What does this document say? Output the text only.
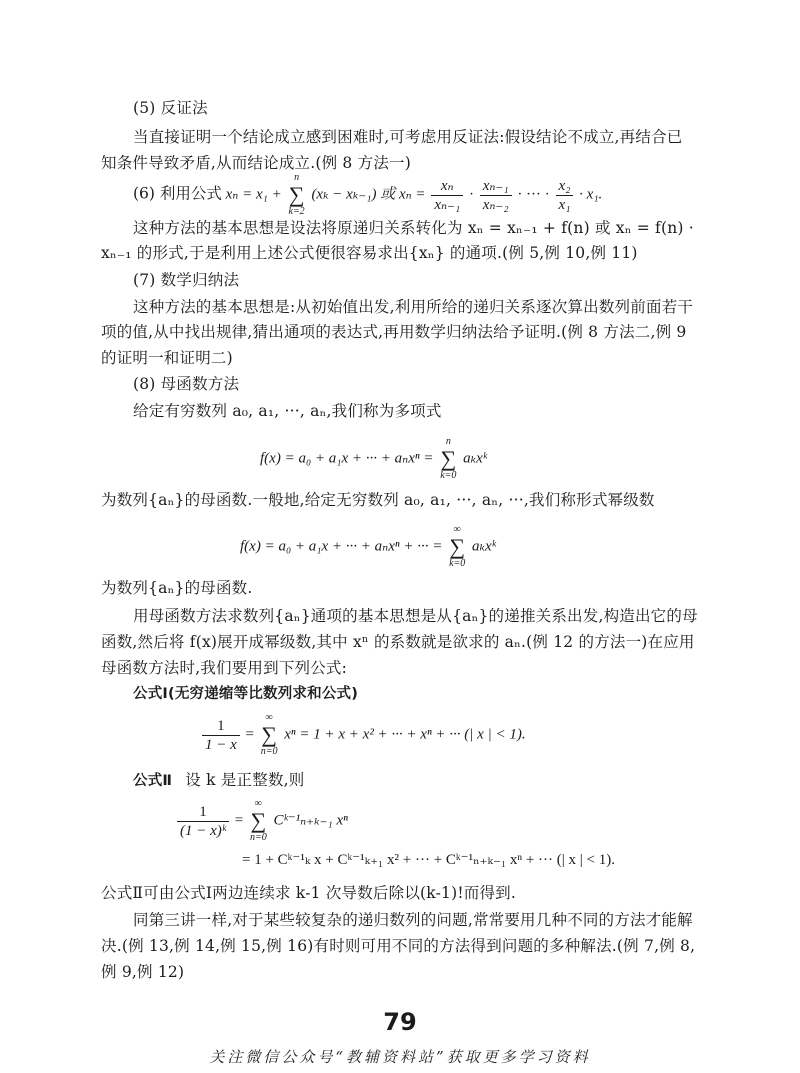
(5) 反证法
当直接证明一个结论成立感到困难时,可考虑用反证法:假设结论不成立,再结合已
知条件导致矛盾,从而结论成立.(例 8 方法一)
(6) 利用公式 xₙ = x₁ +
n
∑
k=2
(xₖ − xₖ₋₁) 或 $x_n = \frac{\text{xₙ}}{\text{xₙ₋₁}} \cdot \frac{\text{xₙ₋₁}}{\text{xₙ₋₂}}$ · ··· · $\frac{\text{x₂}}{\text{x₁}} \cdot x_1$.
这种方法的基本思想是设法将原递归关系转化为 xₙ = xₙ₋₁ + f(n) 或 xₙ = f(n) ·
xₙ₋₁ 的形式,于是利用上述公式便很容易求出{xₙ} 的通项.(例 5,例 10,例 11)
(7) 数学归纳法
这种方法的基本思想是:从初始值出发,利用所给的递归关系逐次算出数列前面若干
项的值,从中找出规律,猜出通项的表达式,再用数学归纳法给予证明.(例 8 方法二,例 9
的证明一和证明二)
(8) 母函数方法
给定有穷数列 a₀, a₁, ···, aₙ,我们称为多项式
f(x) = a₀ + a₁x + ··· + aₙxⁿ =
n
∑
k=0
aₖxᵏ
为数列{aₙ}的母函数.一般地,给定无穷数列 a₀, a₁, ···, aₙ, ···,我们称形式幂级数
f(x) = a₀ + a₁x + ··· + aₙxⁿ + ··· =
∞
∑
k=0
aₖxᵏ
为数列{aₙ}的母函数.
用母函数方法求数列{aₙ}通项的基本思想是从{aₙ}的递推关系出发,构造出它的母
函数,然后将 f(x)展开成幂级数,其中 xⁿ 的系数就是欲求的 aₙ.(例 12 的方法一)在应用
母函数方法时,我们要用到下列公式:
公式Ⅰ(无穷递缩等比数列求和公式)
$\frac{1}{1 - x}$ =
∞
∑
n=0
xⁿ = 1 + x + x² + ··· + xⁿ + ··· (| x | < 1).
公式Ⅱ 设 k 是正整数,则
$\frac{1}{\text{(1 − x)ᵏ}}$ =
∞
∑
n=0
Cᵏ⁻¹ₙ₊ₖ₋₁ xⁿ
= 1 + Cᵏ⁻¹ₖ x + Cᵏ⁻¹ₖ₊₁ x² + ··· + Cᵏ⁻¹ₙ₊ₖ₋₁ xⁿ + ··· (| x | < 1).
公式Ⅱ可由公式Ⅰ两边连续求 k-1 次导数后除以(k-1)!而得到.
同第三讲一样,对于某些较复杂的递归数列的问题,常常要用几种不同的方法才能解
决.(例 13,例 14,例 15,例 16)有时则可用不同的方法得到问题的多种解法.(例 7,例 8,
例 9,例 12)
79
关注微信公众号“教辅资料站”获取更多学习资料
